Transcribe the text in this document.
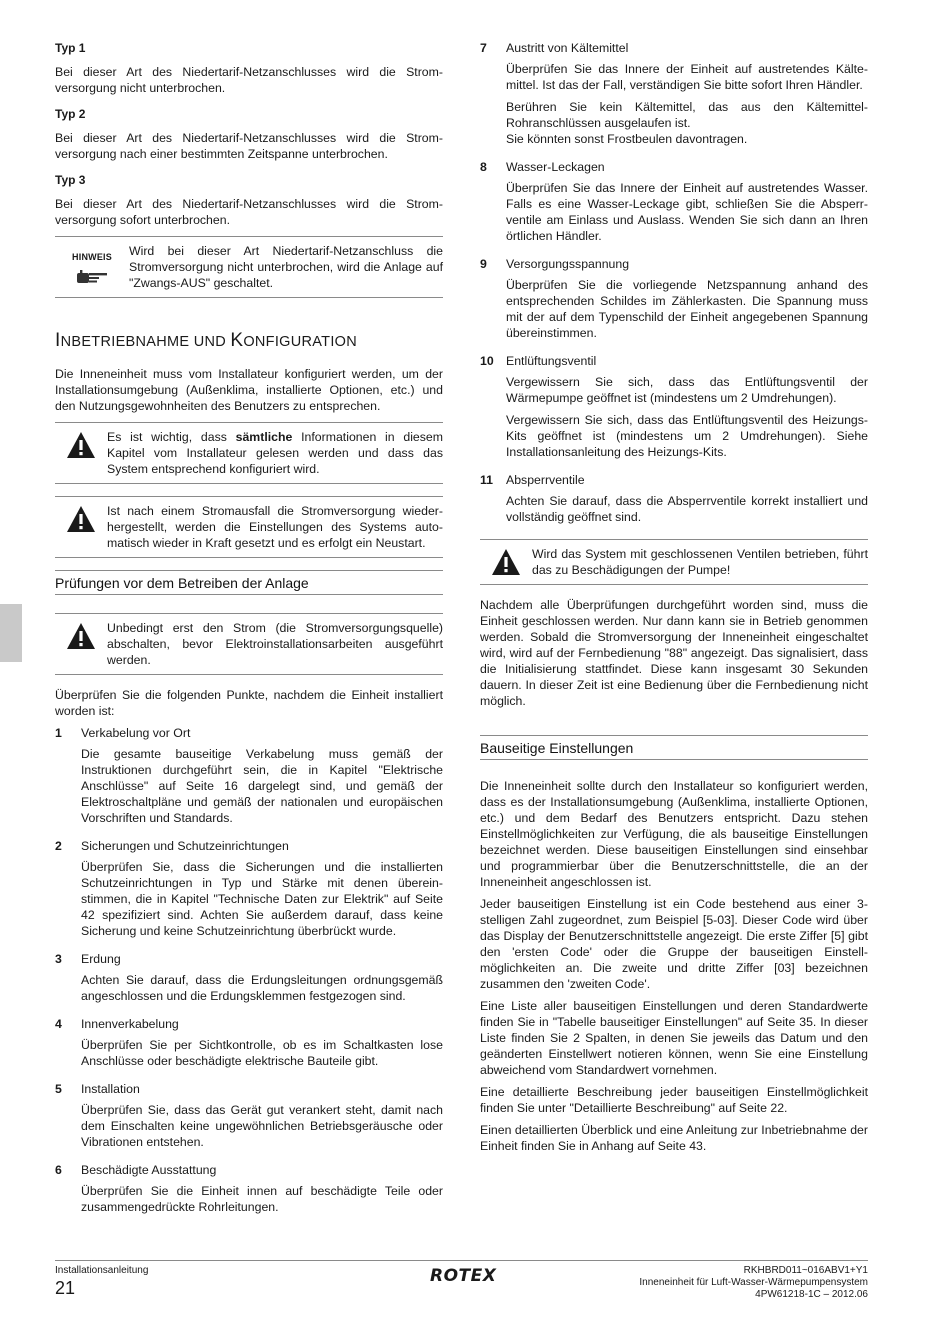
Typ 1

Bei dieser Art des Niedertarif-Netzanschlusses wird die Stromversorgung nicht unterbrochen.

Typ 2

Bei dieser Art des Niedertarif-Netzanschlusses wird die Stromversorgung nach einer bestimmten Zeitspanne unterbrochen.

Typ 3

Bei dieser Art des Niedertarif-Netzanschlusses wird die Stromversorgung sofort unterbrochen.

HINWEIS Wird bei dieser Art Niedertarif-Netzanschluss die Stromversorgung nicht unterbrochen, wird die Anlage auf "Zwangs-AUS" geschaltet.
INBETRIEBNAHME UND KONFIGURATION

Die Inneneinheit muss vom Installateur konfiguriert werden, um der Installationsumgebung (Außenklima, installierte Optionen, etc.) und den Nutzungsgewohnheiten des Benutzers zu entsprechen.

Es ist wichtig, dass sämtliche Informationen in diesem Kapitel vom Installateur gelesen werden und dass das System entsprechend konfiguriert wird.
Ist nach einem Stromausfall die Stromversorgung wiederhergestellt, werden die Einstellungen des Systems automatisch wieder in Kraft gesetzt und es erfolgt ein Neustart.
Prüfungen vor dem Betreiben der Anlage
Unbedingt erst den Strom (die Stromversorgungsquelle) abschalten, bevor Elektroinstallationsarbeiten ausgeführt werden.

Überprüfen Sie die folgenden Punkte, nachdem die Einheit installiert worden ist:

1	Verkabelung vor Ort

Die gesamte bauseitige Verkabelung muss gemäß der Instruktionen durchgeführt sein, die in Kapitel "Elektrische Anschlüsse" auf Seite 16 dargelegt sind, und gemäß der Elektroschaltpläne und gemäß der nationalen und europäischen Vorschriften und Standards.

2	Sicherungen und Schutzeinrichtungen

Überprüfen Sie, dass die Sicherungen und die installierten Schutzeinrichtungen in Typ und Stärke mit denen übereinstimmen, die in Kapitel "Technische Daten zur Elektrik" auf Seite 42 spezifiziert sind. Achten Sie außerdem darauf, dass keine Sicherung und keine Schutzeinrichtung überbrückt wurde.

3	Erdung

Achten Sie darauf, dass die Erdungsleitungen ordnungsgemäß angeschlossen und die Erdungsklemmen festgezogen sind.

4	Innenverkabelung

Überprüfen Sie per Sichtkontrolle, ob es im Schaltkasten lose Anschlüsse oder beschädigte elektrische Bauteile gibt.

5	Installation

Überprüfen Sie, dass das Gerät gut verankert steht, damit nach dem Einschalten keine ungewöhnlichen Betriebsgeräusche oder Vibrationen entstehen.

6	Beschädigte Ausstattung

Überprüfen Sie die Einheit innen auf beschädigte Teile oder zusammengedrückte Rohrleitungen.

7	Austritt von Kältemittel

Überprüfen Sie das Innere der Einheit auf austretendes Kältemittel. Ist das der Fall, verständigen Sie bitte sofort Ihren Händler.

Berühren Sie kein Kältemittel, das aus den Kältemittel-Rohranschlüssen ausgelaufen ist.

Sie könnten sonst Frostbeulen davontragen.

8	Wasser-Leckagen

Überprüfen Sie das Innere der Einheit auf austretendes Wasser. Falls es eine Wasser-Leckage gibt, schließen Sie die Absperrventile am Einlass und Auslass. Wenden Sie sich dann an Ihren örtlichen Händler.

9	Versorgungsspannung

Überprüfen Sie die vorliegende Netzspannung anhand des entsprechenden Schildes im Zählerkasten. Die Spannung muss mit der auf dem Typenschild der Einheit angegebenen Spannung übereinstimmen.

10	Entlüftungsventil

Vergewissern Sie sich, dass das Entlüftungsventil der Wärmepumpe geöffnet ist (mindestens um 2 Umdrehungen).

Vergewissern Sie sich, dass das Entlüftungsventil des Heizungs-Kits geöffnet ist (mindestens um 2 Umdrehungen). Siehe Installationsanleitung des Heizungs-Kits.

11	Absperrventile

Achten Sie darauf, dass die Absperrventile korrekt installiert und vollständig geöffnet sind.

Wird das System mit geschlossenen Ventilen betrieben, führt das zu Beschädigungen der Pumpe!

Nachdem alle Überprüfungen durchgeführt worden sind, muss die Einheit geschlossen werden. Nur dann kann sie in Betrieb genommen werden. Sobald die Stromversorgung der Inneneinheit eingeschaltet wird, wird auf der Fernbedienung "88" angezeigt. Das signalisiert, dass die Initialisierung stattfindet. Diese kann insgesamt 30 Sekunden dauern. In dieser Zeit ist eine Bedienung über die Fernbedienung nicht möglich.

Bauseitige Einstellungen

Die Inneneinheit sollte durch den Installateur so konfiguriert werden, dass es der Installationsumgebung (Außenklima, installierte Optionen, etc.) und dem Bedarf des Benutzers entspricht. Dazu stehen Einstellmöglichkeiten zur Verfügung, die als bauseitige Einstellungen bezeichnet werden. Diese bauseitigen Einstellungen sind einsehbar und programmierbar über die Benutzerschnittstelle, die an der Inneneinheit angeschlossen ist.

Jeder bauseitigen Einstellung ist ein Code bestehend aus einer 3-stelligen Zahl zugeordnet, zum Beispiel [5-03]. Dieser Code wird über das Display der Benutzerschnittstelle angezeigt. Die erste Ziffer [5] gibt den 'ersten Code' oder die Gruppe der bauseitigen Einstellmöglichkeiten an. Die zweite und dritte Ziffer [03] bezeichnen zusammen den 'zweiten Code'.

Eine Liste aller bauseitigen Einstellungen und deren Standardwerte finden Sie in "Tabelle bauseitiger Einstellungen" auf Seite 35. In dieser Liste finden Sie 2 Spalten, in denen Sie jeweils das Datum und den geänderten Einstellwert notieren können, wenn Sie eine Einstellung abweichend vom Standardwert vornehmen.

Eine detaillierte Beschreibung jeder bauseitigen Einstellmöglichkeit finden Sie unter "Detaillierte Beschreibung" auf Seite 22.

Einen detaillierten Überblick und eine Anleitung zur Inbetriebnahme der Einheit finden Sie in Anhang auf Seite 43.

Installationsanleitung
21
ROTEX	RKHBRD011~016ABV1+Y1
Inneneinheit für Luft-Wasser-Wärmepumpensystem
4PW61218-1C – 2012.06
